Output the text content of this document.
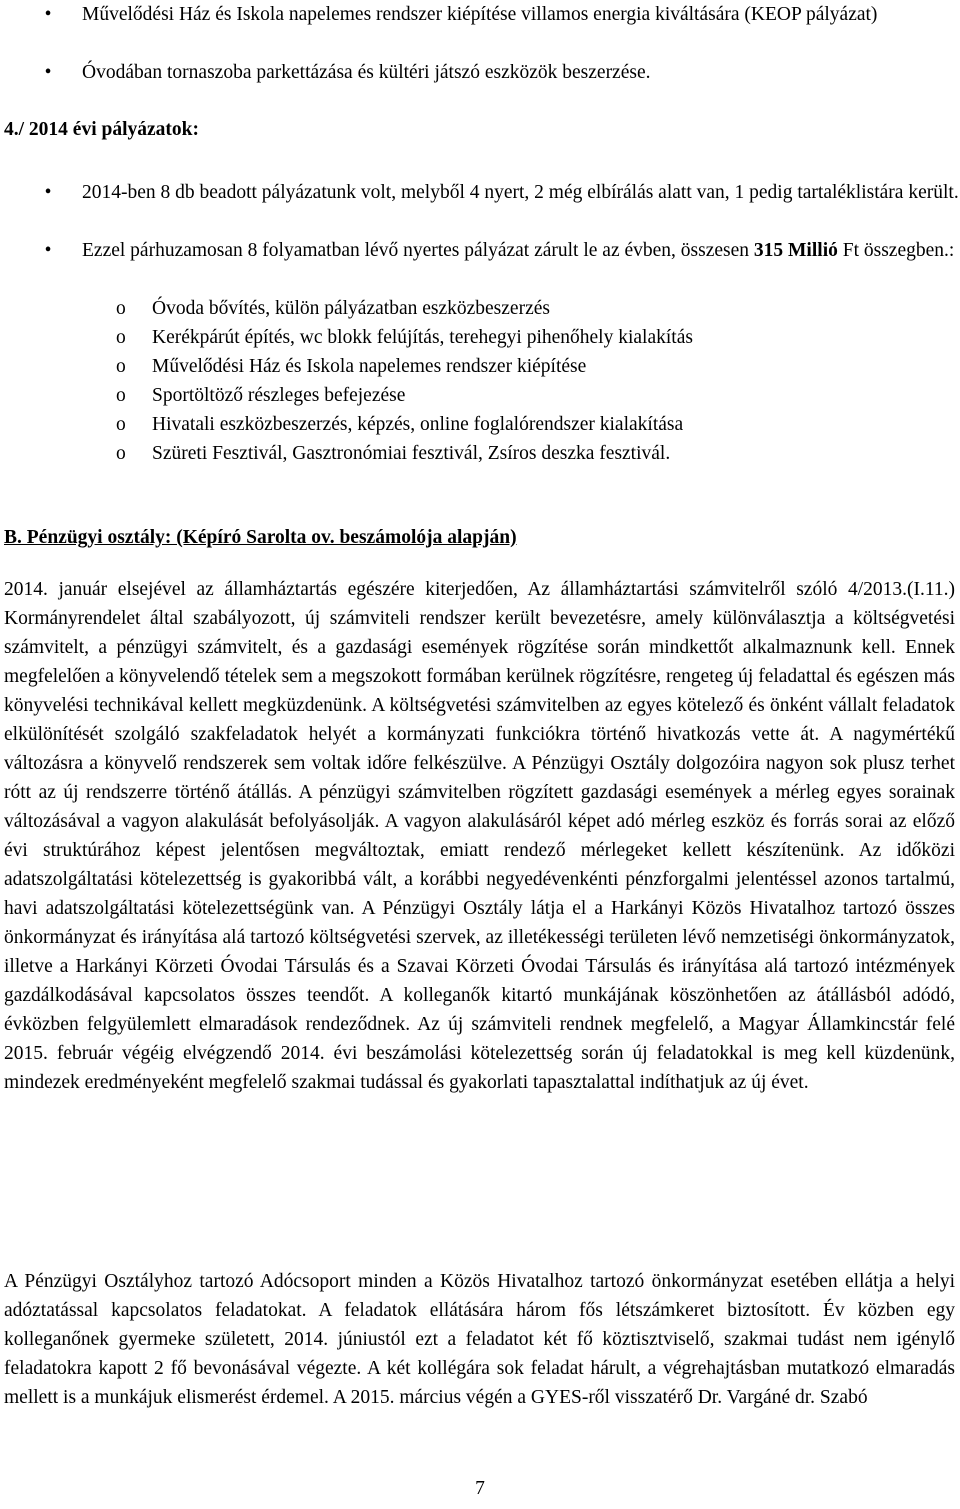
•	Művelődési Ház és Iskola napelemes rendszer kiépítése villamos energia kiváltására (KEOP pályázat)
•	Óvodában tornaszoba parkettázása és kültéri játszó eszközök beszerzése.
4./ 2014 évi pályázatok:
•	2014-ben 8 db beadott pályázatunk volt, melyből 4 nyert, 2 még elbírálás alatt van, 1 pedig tartaléklistára került.
•	Ezzel párhuzamosan 8 folyamatban lévő nyertes pályázat zárult le az évben, összesen 315 Millió Ft összegben.:
o Óvoda bővítés, külön pályázatban eszközbeszerzés
o Kerékpárút építés, wc blokk felújítás, terehegyi pihenőhely kialakítás
o Művelődési Ház és Iskola napelemes rendszer kiépítése
o Sportöltöző részleges befejezése
o Hivatali eszközbeszerzés, képzés, online foglalórendszer kialakítása
o Szüreti Fesztivál, Gasztronómiai fesztivál, Zsíros deszka fesztivál.
B. Pénzügyi osztály: (Képíró Sarolta ov. beszámolója alapján)
2014. január elsejével az államháztartás egészére kiterjedően, Az államháztartási számvitelről szóló 4/2013.(I.11.) Kormányrendelet által szabályozott, új számviteli rendszer került bevezetésre, amely különválasztja a költségvetési számvitelt, a pénzügyi számvitelt, és a gazdasági események rögzítése során mindkettőt alkalmaznunk kell. Ennek megfelelően a könyvelendő tételek sem a megszokott formában kerülnek rögzítésre, rengeteg új feladattal és egészen más könyvelési technikával kellett megküzdenünk. A költségvetési számvitelben az egyes kötelező és önként vállalt feladatok elkülönítését szolgáló szakfeladatok helyét a kormányzati funkciókra történő hivatkozás vette át. A nagymértékű változásra a könyvelő rendszerek sem voltak időre felkészülve. A Pénzügyi Osztály dolgozóira nagyon sok plusz terhet rótt az új rendszerre történő átállás. A pénzügyi számvitelben rögzített gazdasági események a mérleg egyes sorainak változásával a vagyon alakulását befolyásolják. A vagyon alakulásáról képet adó mérleg eszköz és forrás sorai az előző évi struktúrához képest jelentősen megváltoztak, emiatt rendező mérlegeket kellett készítenünk. Az időközi adatszolgáltatási kötelezettség is gyakoribbá vált, a korábbi negyedévenkénti pénzforgalmi jelentéssel azonos tartalmú, havi adatszolgáltatási kötelezettségünk van. A Pénzügyi Osztály látja el a Harkányi Közös Hivatalhoz tartozó összes önkormányzat és irányítása alá tartozó költségvetési szervek, az illetékességi területen lévő nemzetiségi önkormányzatok, illetve a Harkányi Körzeti Óvodai Társulás és a Szavai Körzeti Óvodai Társulás és irányítása alá tartozó intézmények gazdálkodásával kapcsolatos összes teendőt. A kolleganők kitartó munkájának köszönhetően az átállásból adódó, évközben felgyülemlett elmaradások rendeződnek. Az új számviteli rendnek megfelelő, a Magyar Államkincstár felé 2015. február végéig elvégzendő 2014. évi beszámolási kötelezettség során új feladatokkal is meg kell küzdenünk, mindezek eredményeként megfelelő szakmai tudással és gyakorlati tapasztalattal indíthatjuk az új évet.
A Pénzügyi Osztályhoz tartozó Adócsoport minden a Közös Hivatalhoz tartozó önkormányzat esetében ellátja a helyi adóztatással kapcsolatos feladatokat. A feladatok ellátására három fős létszámkeret biztosított. Év közben egy kolleganőnek gyermeke született, 2014. júniustól ezt a feladatot két fő köztisztviselő, szakmai tudást nem igénylő feladatokra kapott 2 fő bevonásával végezte. A két kollégára sok feladat hárult, a végrehajtásban mutatkozó elmaradás mellett is a munkájuk elismerést érdemel. A 2015. március végén a GYES-ről visszatérő Dr. Vargáné dr. Szabó
7
